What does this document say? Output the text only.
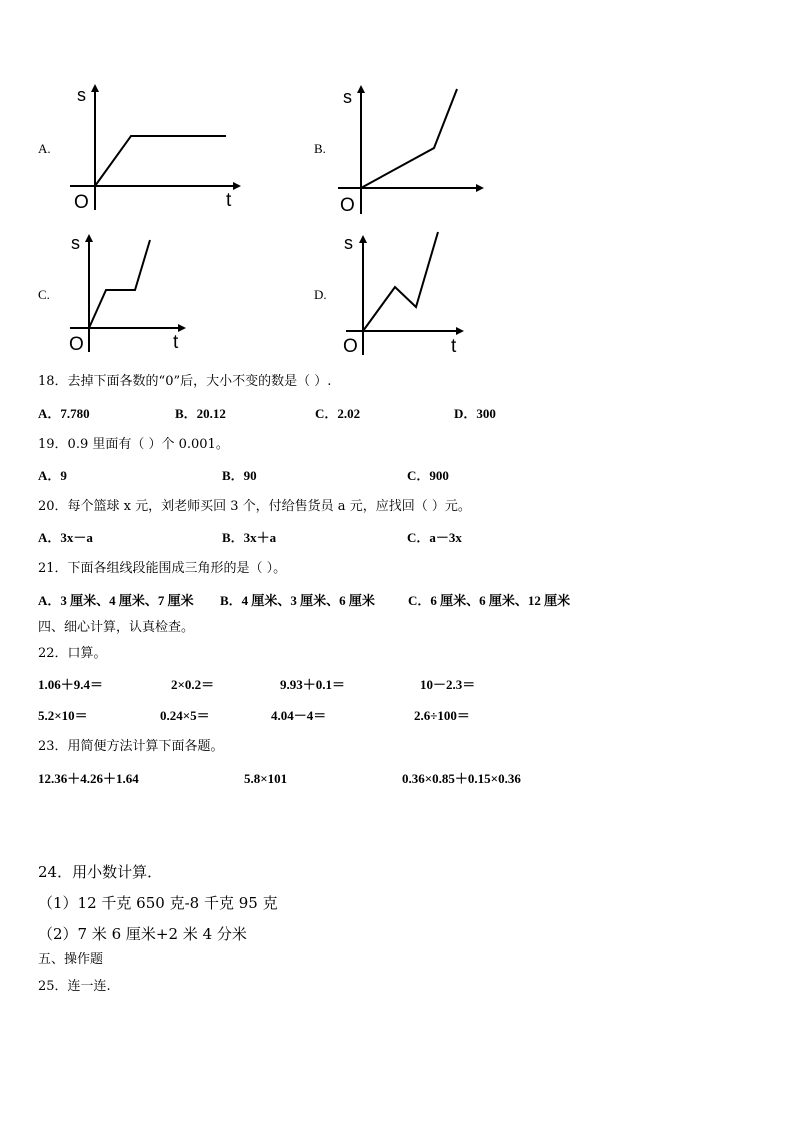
A.
s
O	t
B.
s
O
C.
s
O	t
D.
s
O	t
18．去掉下面各数的“0”后，大小不变的数是（ ）.
A．7.780	B．20.12	C．2.02	D．300
19．0.9 里面有（ ）个 0.001。
A．9	B．90	C．900
20．每个篮球 x 元，刘老师买回 3 个，付给售货员 a 元，应找回（ ）元。
A．3x－a	B．3x＋a	C．a－3x
21．下面各组线段能围成三角形的是（ ）。
A．3 厘米、4 厘米、7 厘米 B．4 厘米、3 厘米、6 厘米	C．6 厘米、6 厘米、12 厘米
四、细心计算，认真检查。
22．口算。
1.06＋9.4＝	2×0.2＝	9.93＋0.1＝	10－2.3＝
5.2×10＝	0.24×5＝	4.04－4＝	2.6÷100＝
23．用简便方法计算下面各题。
12.36＋4.26＋1.64	5.8×101	0.36×0.85＋0.15×0.36
24．用小数计算．
（1）12 千克 650 克-8 千克 95 克
（2）7 米 6 厘米+2 米 4 分米
五、操作题
25．连一连.
